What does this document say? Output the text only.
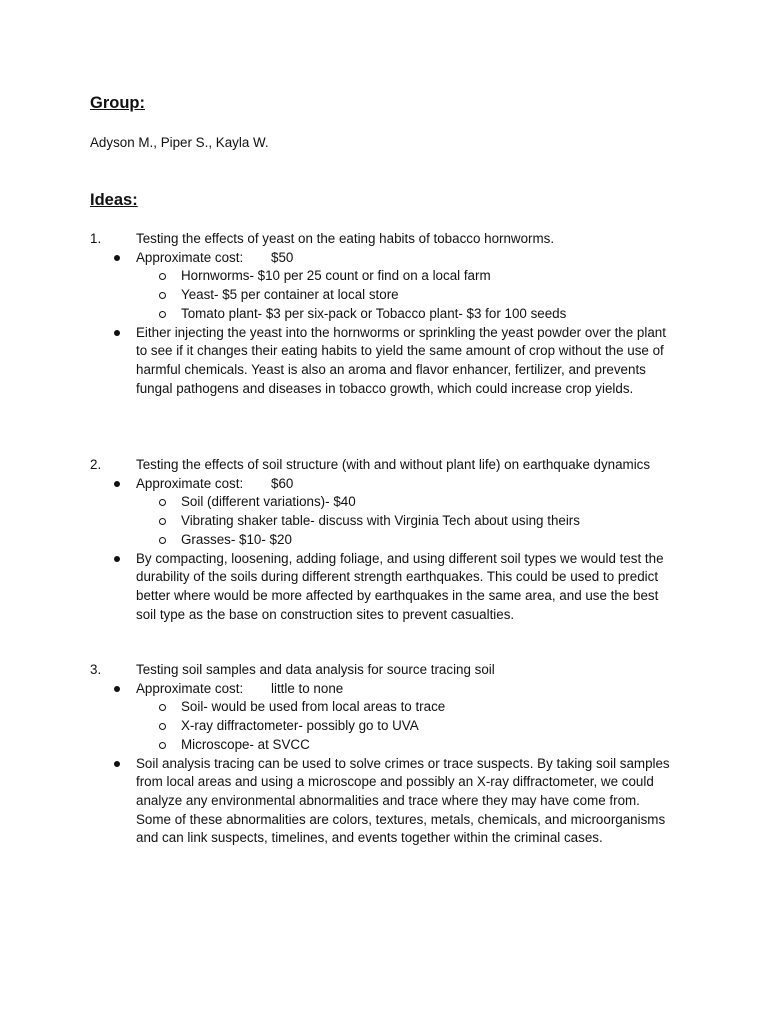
Group:
Adyson M., Piper S., Kayla W.
Ideas:
1.	Testing the effects of yeast on the eating habits of tobacco hornworms.
Approximate cost: $50
Hornworms- $10 per 25 count or find on a local farm
Yeast- $5 per container at local store
Tomato plant- $3 per six-pack or Tobacco plant- $3 for 100 seeds
Either injecting the yeast into the hornworms or sprinkling the yeast powder over the plant to see if it changes their eating habits to yield the same amount of crop without the use of harmful chemicals. Yeast is also an aroma and flavor enhancer, fertilizer, and prevents fungal pathogens and diseases in tobacco growth, which could increase crop yields.
2.	Testing the effects of soil structure (with and without plant life) on earthquake dynamics
Approximate cost: $60
Soil (different variations)- $40
Vibrating shaker table- discuss with Virginia Tech about using theirs
Grasses- $10- $20
By compacting, loosening, adding foliage, and using different soil types we would test the durability of the soils during different strength earthquakes. This could be used to predict better where would be more affected by earthquakes in the same area, and use the best soil type as the base on construction sites to prevent casualties.
3.	Testing soil samples and data analysis for source tracing soil
Approximate cost: little to none
Soil- would be used from local areas to trace
X-ray diffractometer- possibly go to UVA
Microscope- at SVCC
Soil analysis tracing can be used to solve crimes or trace suspects. By taking soil samples from local areas and using a microscope and possibly an X-ray diffractometer, we could analyze any environmental abnormalities and trace where they may have come from. Some of these abnormalities are colors, textures, metals, chemicals, and microorganisms and can link suspects, timelines, and events together within the criminal cases.
